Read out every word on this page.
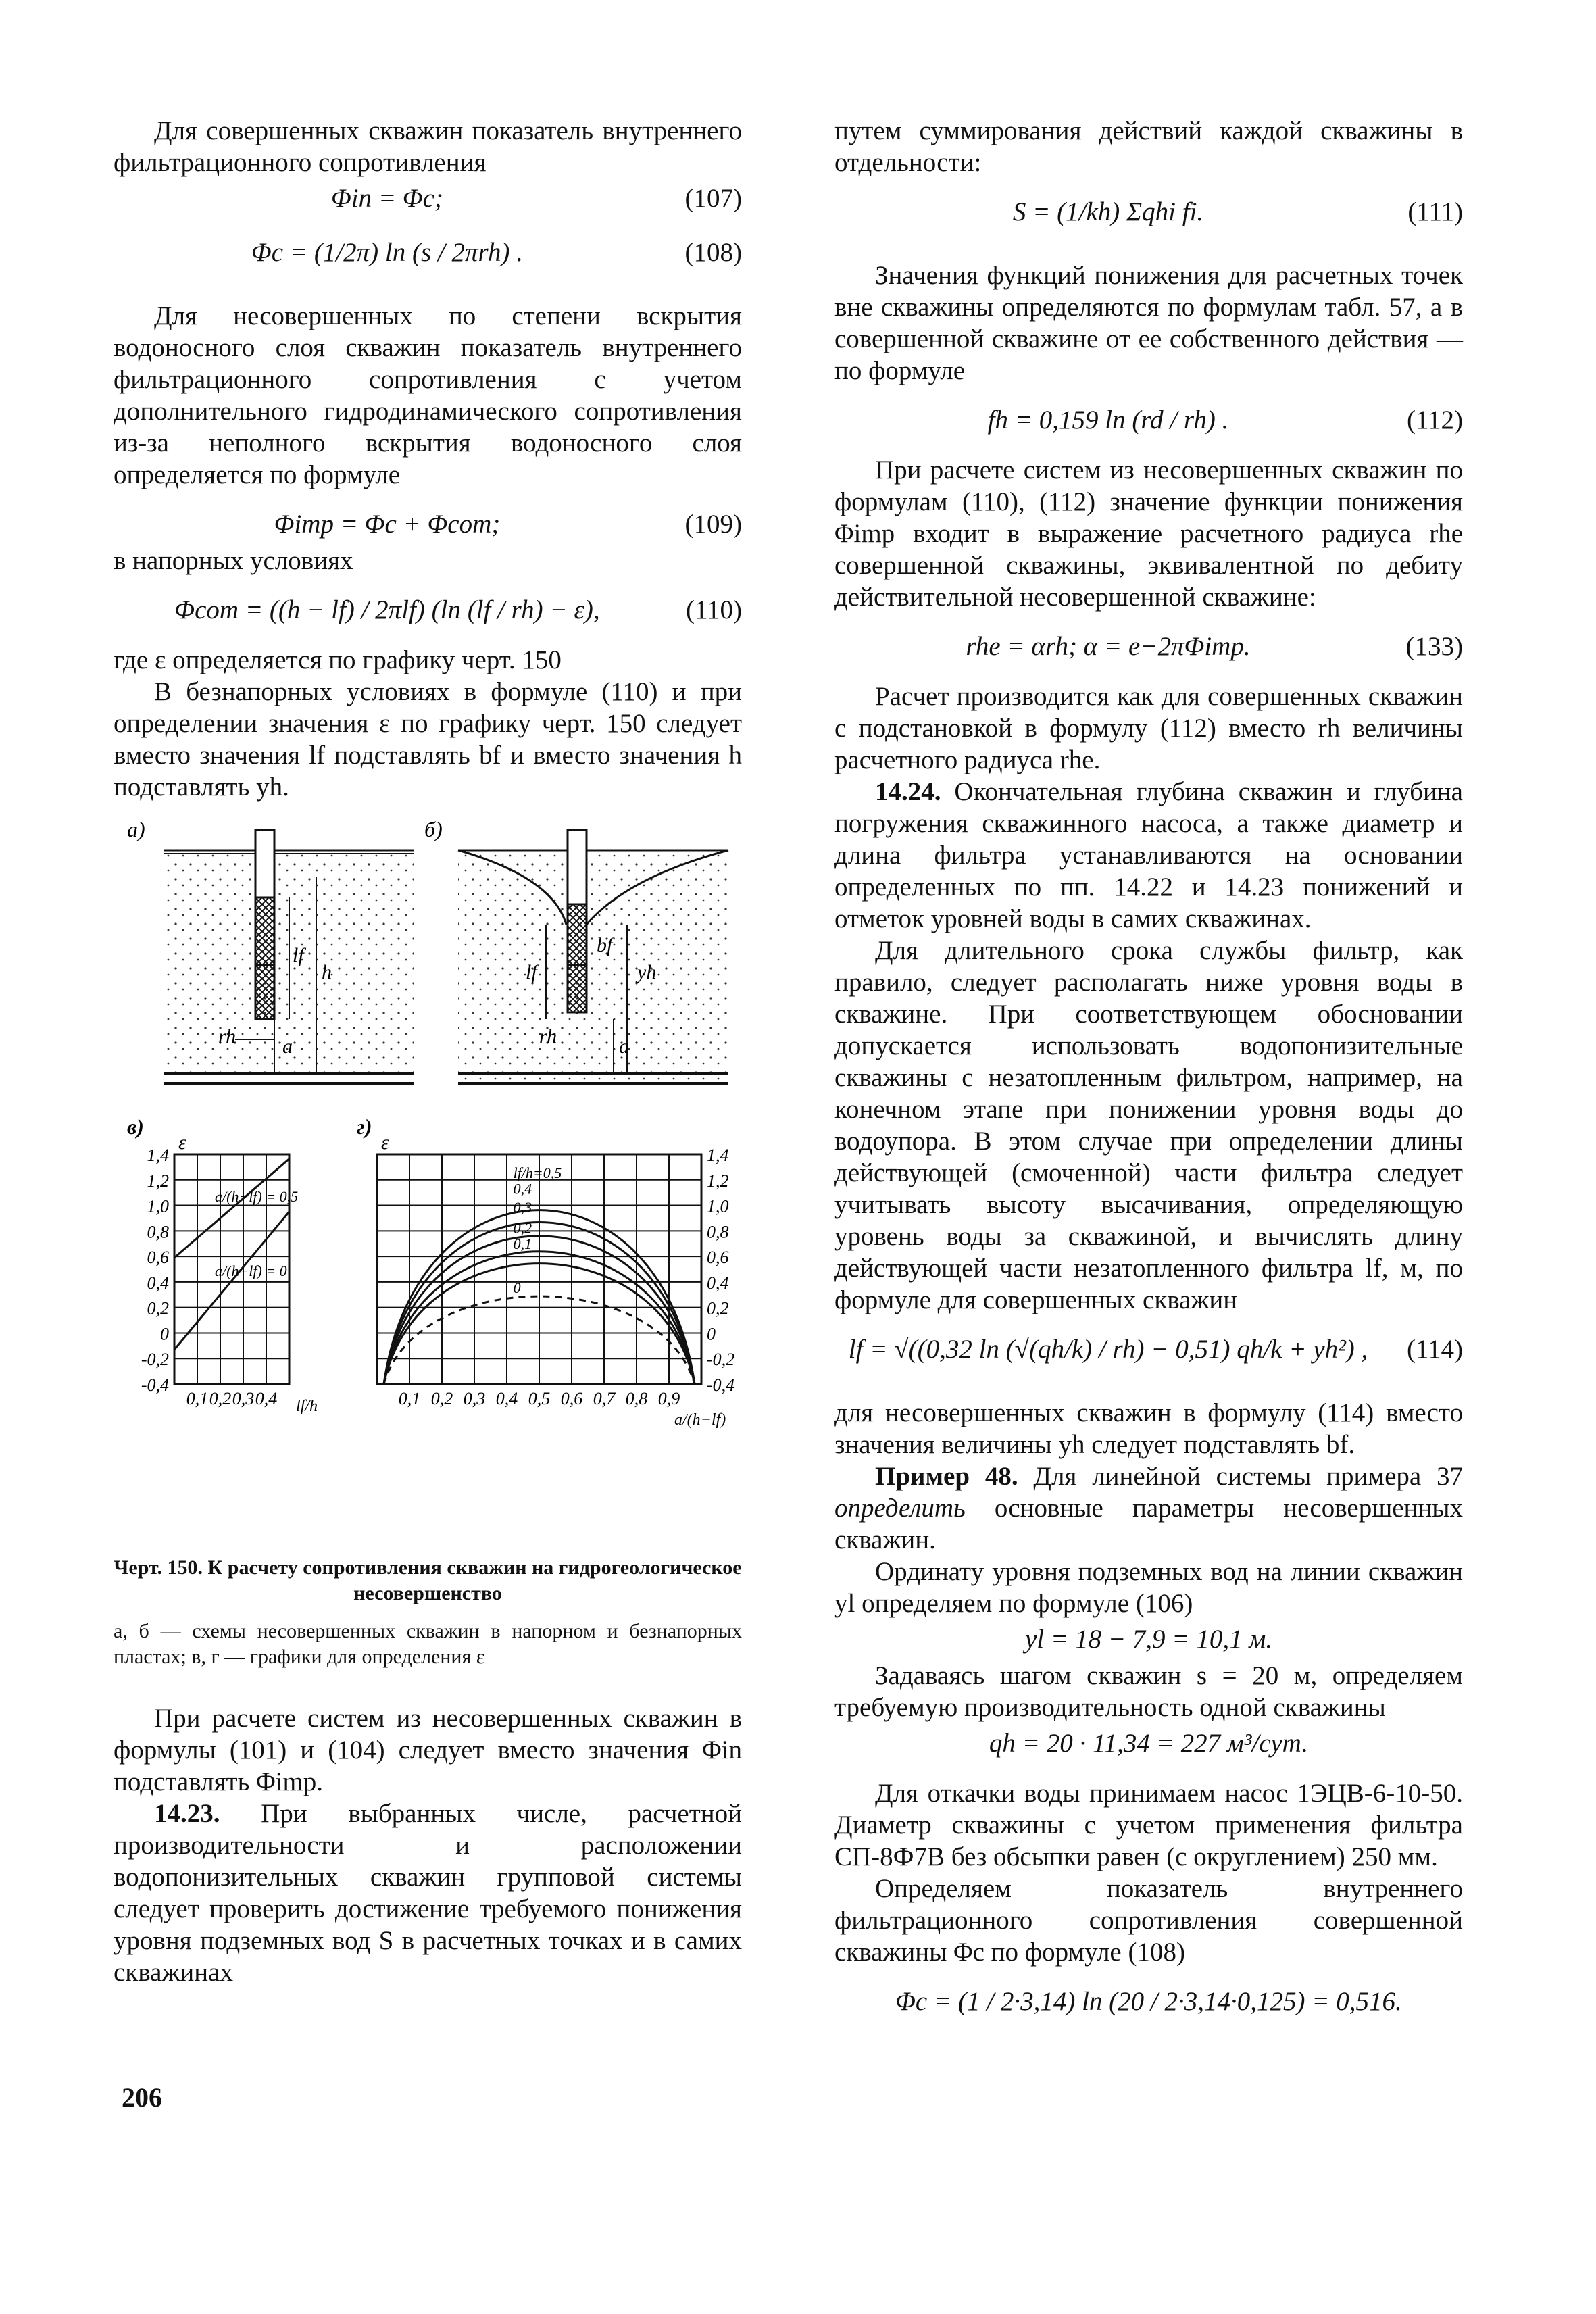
Для совершенных скважин показатель внутреннего фильтрационного сопротивления

Φin = Φc;	(107)
Φc = (1/2π) ln (s / 2πrh) .	(108)

Для несовершенных по степени вскрытия водоносного слоя скважин показатель внутреннего фильтрационного сопротивления с учетом дополнительного гидродинамического сопротивления из-за неполного вскрытия водоносного слоя определяется по формуле

Φimp = Φc + Φcom;	(109)

в напорных условиях

Φcom = ((h − lf) / 2πlf) (ln (lf / rh) − ε),	(110)

где ε определяется по графику черт. 150

В безнапорных условиях в формуле (110) и при определении значения ε по графику черт. 150 следует вместо значения lf подставлять bf и вместо значения h подставлять yh.

а)
rh
lf
h
a
б)
lf
bf
yh
rh	a
1,4
1,2
1,0
0,8
0,6
0,4
0,2
0
-0,2
-0,4
0,1 0,2 0,3 0,4
ε
a/(h−lf) = 0,5
a/(h−lf) = 0
lf/h
1,4
1,2
1,0
0,8
0,6
0,4
0,2
0
-0,2
-0,4
0,1 0,2 0,3 0,4 0,5 0,6 0,7 0,8 0,9
ε
lf/h=0,5
0,4
0,3
0,2
0,1
0
a/(h−lf)
в)	г)
Черт. 150. К расчету сопротивления скважин на гидрогеологическое несовершенство
а, б — схемы несовершенных скважин в напорном и безнапорных пластах; в, г — графики для определения ε

При расчете систем из несовершенных скважин в формулы (101) и (104) следует вместо значения Φin подставлять Φimp.

14.23. При выбранных числе, расчетной производительности и расположении водопонизительных скважин групповой системы следует проверить достижение требуемого понижения уровня подземных вод S в расчетных точках и в самих скважинах

путем суммирования действий каждой скважины в отдельности:

S = (1/kh) Σqhi fi.	(111)

Значения функций понижения для расчетных точек вне скважины определяются по формулам табл. 57, а в совершенной скважине от ее собственного действия — по формуле

fh = 0,159 ln (rd / rh) .	(112)

При расчете систем из несовершенных скважин по формулам (110), (112) значение функции понижения Φimp входит в выражение расчетного радиуса rhe совершенной скважины, эквивалентной по дебиту действительной несовершенной скважине:

rhe = αrh; α = e−2πΦimp.	(133)

Расчет производится как для совершенных скважин с подстановкой в формулу (112) вместо rh величины расчетного радиуса rhe.

14.24. Окончательная глубина скважин и глубина погружения скважинного насоса, а также диаметр и длина фильтра устанавливаются на основании определенных по пп. 14.22 и 14.23 понижений и отметок уровней воды в самих скважинах.

Для длительного срока службы фильтр, как правило, следует располагать ниже уровня воды в скважине. При соответствующем обосновании допускается использовать водопонизительные скважины с незатопленным фильтром, например, на конечном этапе при понижении уровня воды до водоупора. В этом случае при определении длины действующей (смоченной) части фильтра следует учитывать высоту высачивания, определяющую уровень воды за скважиной, и вычислять длину действующей части незатопленного фильтра lf, м, по формуле для совершенных скважин

lf = √((0,32 ln (√(qh/k) / rh) − 0,51) qh/k + yh²) ,	(114)

для несовершенных скважин в формулу (114) вместо значения величины yh следует подставлять bf.

Пример 48. Для линейной системы примера 37 определить основные параметры несовершенных скважин.

Ординату уровня подземных вод на линии скважин yl определяем по формуле (106)

yl = 18 − 7,9 = 10,1 м.

Задаваясь шагом скважин s = 20 м, определяем требуемую производительность одной скважины

qh = 20 · 11,34 = 227 м³/сут.

Для откачки воды принимаем насос 1ЭЦВ-6-10-50. Диаметр скважины с учетом применения фильтра СП-8Ф7В без обсыпки равен (с округлением) 250 мм.

Определяем показатель внутреннего фильтрационного сопротивления совершенной скважины Φc по формуле (108)

Φc = (1 / 2·3,14) ln (20 / 2·3,14·0,125) = 0,516.
206
